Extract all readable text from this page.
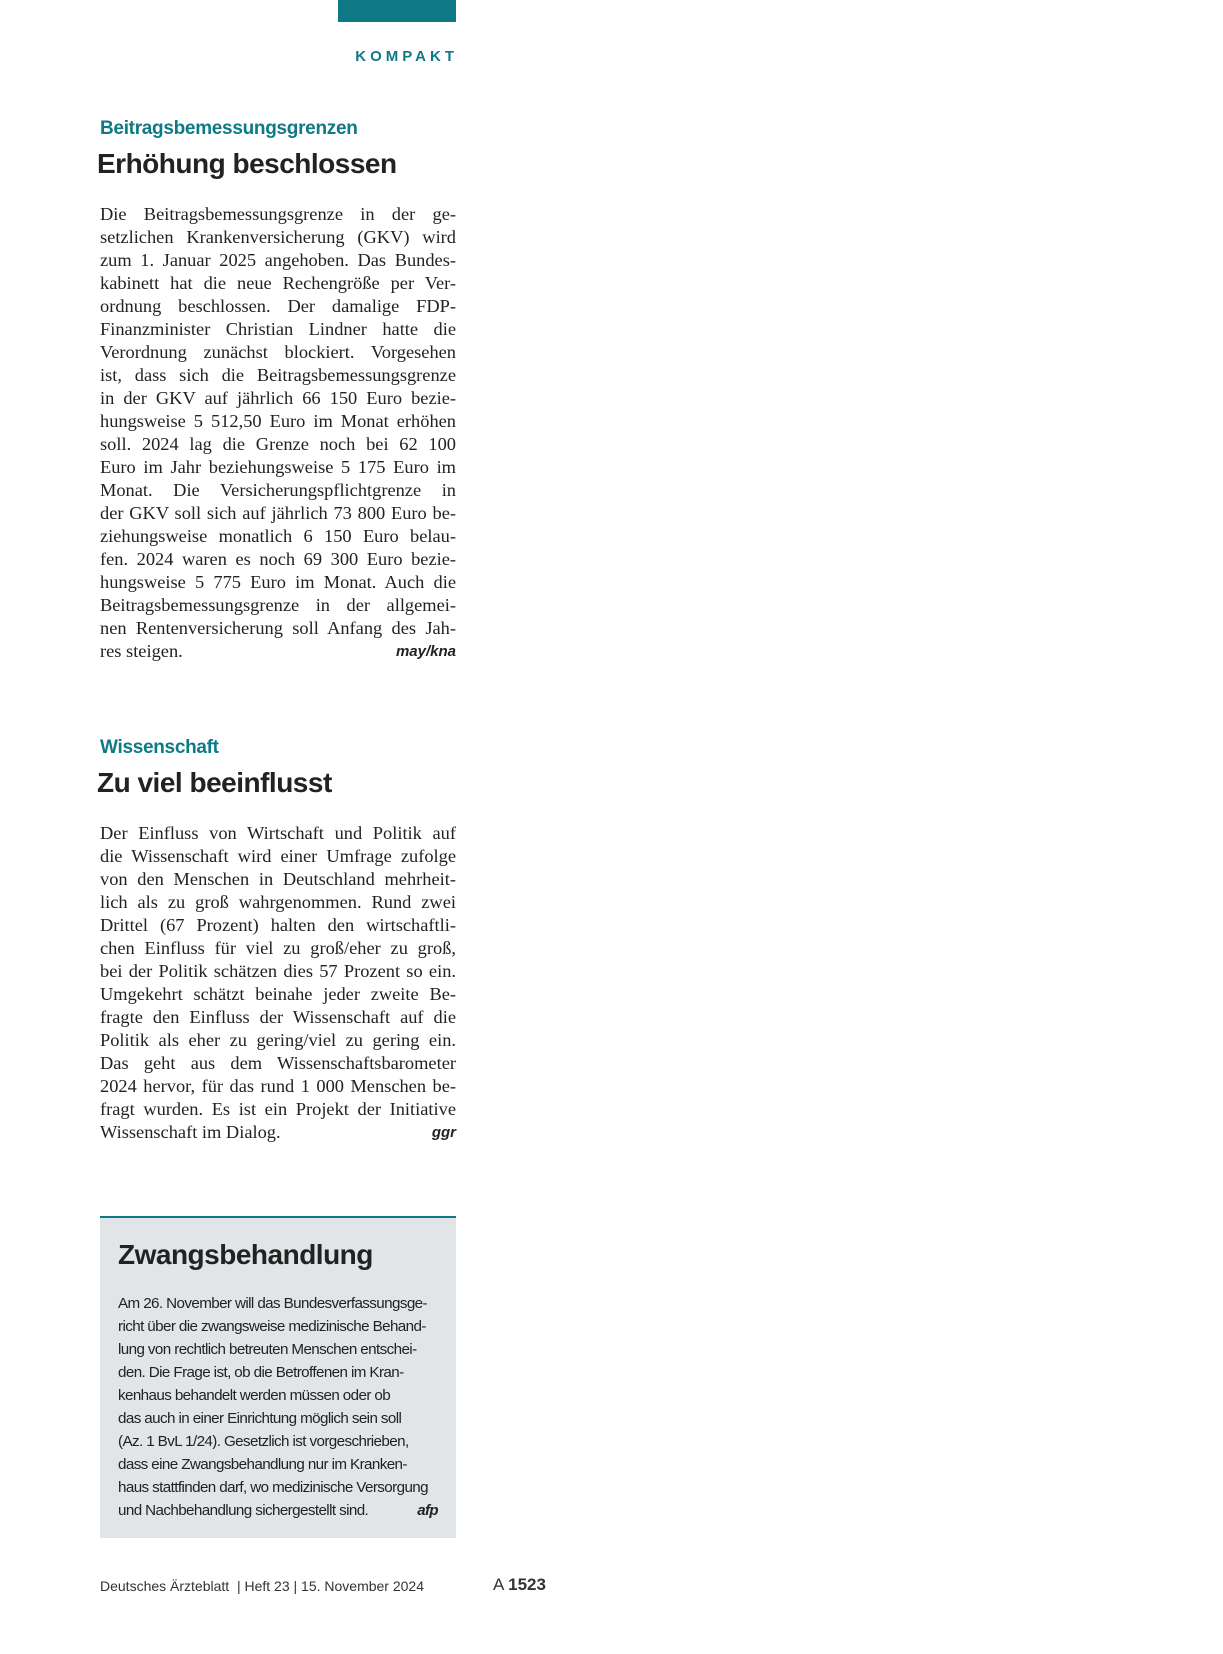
KOMPAKT
Beitragsbemessungsgrenzen
Erhöhung beschlossen
Die Beitragsbemessungsgrenze in der ge-
setzlichen Krankenversicherung (GKV) wird
zum 1. Januar 2025 angehoben. Das Bundes-
kabinett hat die neue Rechengröße per Ver-
ordnung beschlossen. Der damalige FDP-
Finanzminister Christian Lindner hatte die
Verordnung zunächst blockiert. Vorgesehen
ist, dass sich die Beitragsbemessungsgrenze
in der GKV auf jährlich 66 150 Euro bezie-
hungsweise 5 512,50 Euro im Monat erhöhen
soll. 2024 lag die Grenze noch bei 62 100
Euro im Jahr beziehungsweise 5 175 Euro im
Monat. Die Versicherungspflichtgrenze in
der GKV soll sich auf jährlich 73 800 Euro be-
ziehungsweise monatlich 6 150 Euro belau-
fen. 2024 waren es noch 69 300 Euro bezie-
hungsweise 5 775 Euro im Monat. Auch die
Beitragsbemessungsgrenze in der allgemei-
nen Rentenversicherung soll Anfang des Jah-
res steigen.	may/kna
Wissenschaft
Zu viel beeinflusst
Der Einfluss von Wirtschaft und Politik auf
die Wissenschaft wird einer Umfrage zufolge
von den Menschen in Deutschland mehrheit-
lich als zu groß wahrgenommen. Rund zwei
Drittel (67 Prozent) halten den wirtschaftli-
chen Einfluss für viel zu groß/eher zu groß,
bei der Politik schätzen dies 57 Prozent so ein.
Umgekehrt schätzt beinahe jeder zweite Be-
fragte den Einfluss der Wissenschaft auf die
Politik als eher zu gering/viel zu gering ein.
Das geht aus dem Wissenschaftsbarometer
2024 hervor, für das rund 1 000 Menschen be-
fragt wurden. Es ist ein Projekt der Initiative
Wissenschaft im Dialog.	ggr
Zwangsbehandlung
Am 26. November will das Bundesverfassungsge-
richt über die zwangsweise medizinische Behand-
lung von rechtlich betreuten Menschen entschei-
den. Die Frage ist, ob die Betroffenen im Kran-
kenhaus behandelt werden müssen oder ob
das auch in einer Einrichtung möglich sein soll
(Az. 1 BvL 1/24). Gesetzlich ist vorgeschrieben,
dass eine Zwangsbehandlung nur im Kranken-
haus stattfinden darf, wo medizinische Versorgung
und Nachbehandlung sichergestellt sind.	afp
Deutsches Ärzteblatt  | Heft 23 | 15. November 2024	A 1523
